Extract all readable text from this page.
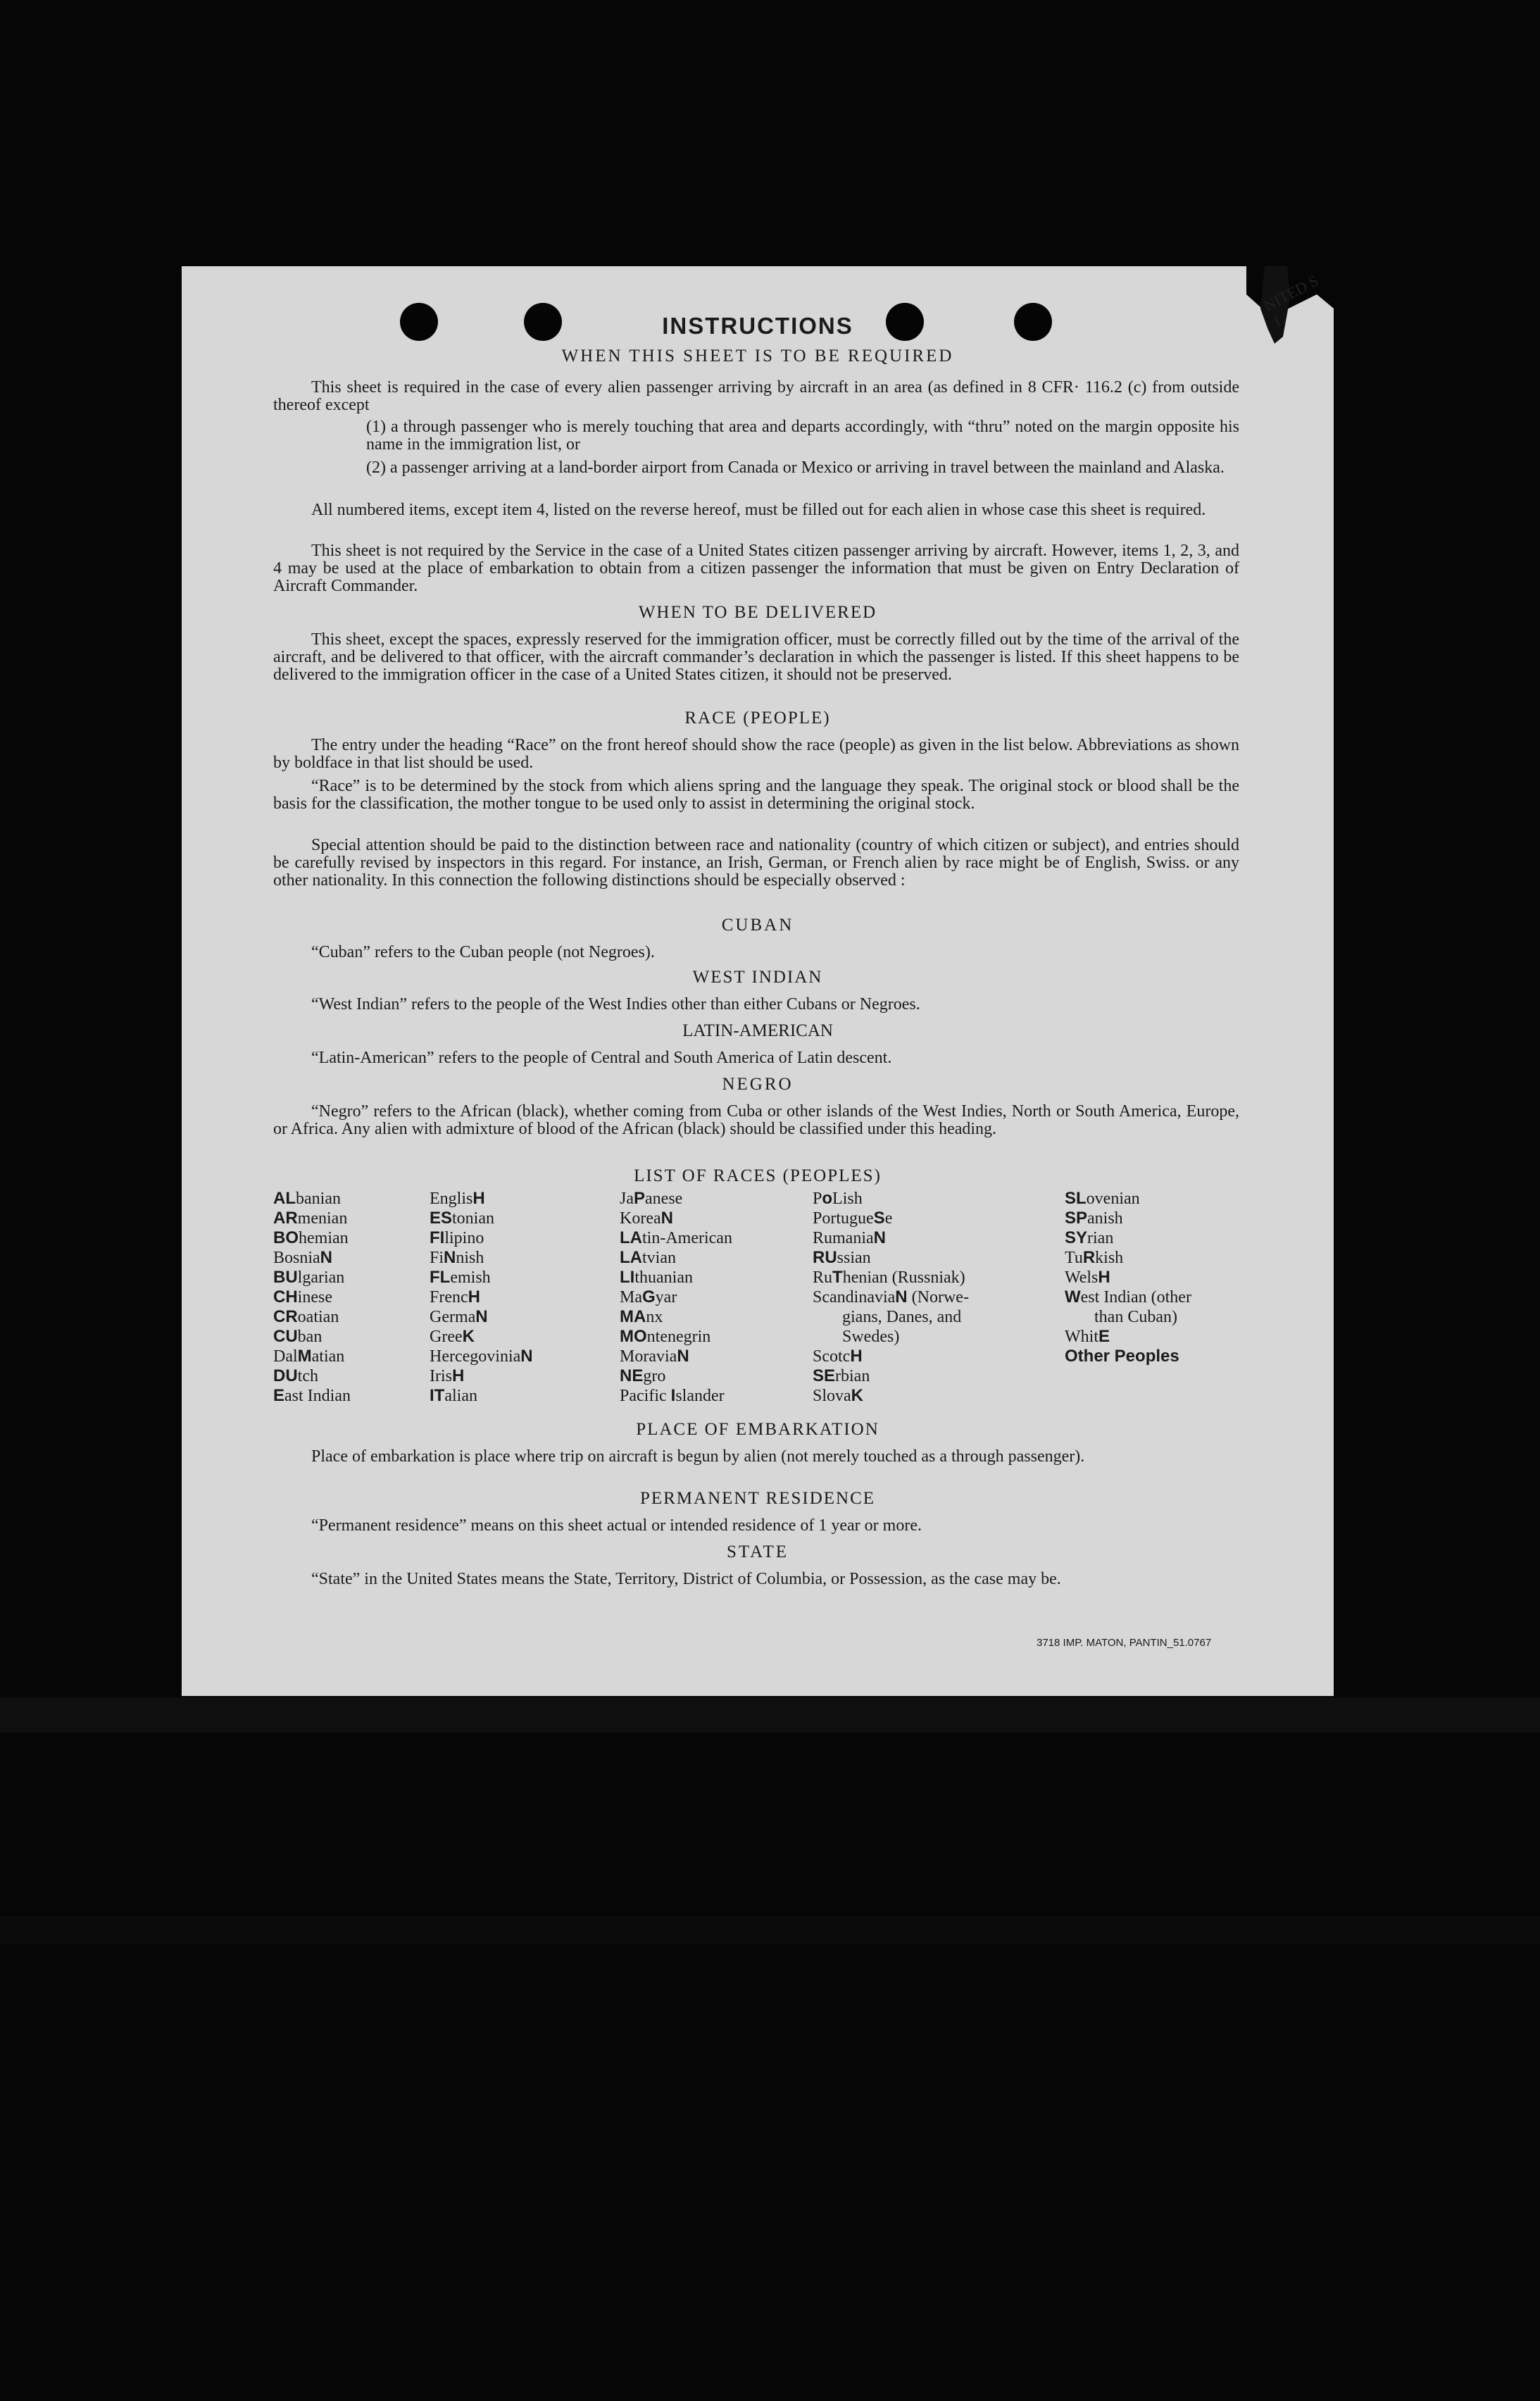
NITED S
1.
INSTRUCTIONS
WHEN THIS SHEET IS TO BE REQUIRED
This sheet is required in the case of every alien passenger arriving by aircraft in an area (as defined in 8 CFR· 116.2 (c) from outside thereof except
(1) a through passenger who is merely touching that area and departs accordingly, with “thru” noted on the margin opposite his name in the immigration list, or
(2) a passenger arriving at a land-border airport from Canada or Mexico or arriving in travel between the mainland and Alaska.
All numbered items, except item 4, listed on the reverse hereof, must be filled out for each alien in whose case this sheet is required.
This sheet is not required by the Service in the case of a United States citizen passenger arriving by aircraft. However, items 1, 2, 3, and 4 may be used at the place of embarkation to obtain from a citizen passenger the information that must be given on Entry Declaration of Aircraft Commander.
WHEN TO BE DELIVERED
This sheet, except the spaces, expressly reserved for the immigration officer, must be correctly filled out by the time of the arrival of the aircraft, and be delivered to that officer, with the aircraft commander’s declaration in which the passenger is listed. If this sheet happens to be delivered to the immigration officer in the case of a United States citizen, it should not be preserved.
RACE (PEOPLE)
The entry under the heading “Race” on the front hereof should show the race (people) as given in the list below. Abbreviations as shown by boldface in that list should be used.
“Race” is to be determined by the stock from which aliens spring and the language they speak. The original stock or blood shall be the basis for the classification, the mother tongue to be used only to assist in determining the original stock.
Special attention should be paid to the distinction between race and nationality (country of which citizen or subject), and entries should be carefully revised by inspectors in this regard. For instance, an Irish, German, or French alien by race might be of English, Swiss. or any other nationality. In this connection the following distinctions should be especially observed :
CUBAN
“Cuban” refers to the Cuban people (not Negroes).
WEST INDIAN
“West Indian” refers to the people of the West Indies other than either Cubans or Negroes.
LATIN-AMERICAN
“Latin-American” refers to the people of Central and South America of Latin descent.
NEGRO
“Negro” refers to the African (black), whether coming from Cuba or other islands of the West Indies, North or South America, Europe, or Africa. Any alien with admixture of blood of the African (black) should be classified under this heading.
LIST OF RACES (PEOPLES)
ALbanian
ARmenian
BOhemian
BosniaN
BUlgarian
CHinese
CRoatian
CUban
DalMatian
DUtch
East Indian
EnglisH
EStonian
FIlipino
FiNnish
FLemish
FrencH
GermaN
GreeK
HercegoviniaN
IrisH
ITalian
JaPanese
KoreaN
LAtin-American
LAtvian
LIthuanian
MaGyar
MAnx
MOntenegrin
MoraviaN
NEgro
Pacific Islander
PoLish
PortugueSe
RumaniaN
RUssian
RuThenian (Russniak)
ScandinaviaN (Norwe-
gians, Danes, and
Swedes)
ScotcH
SErbian
SlovaK
SLovenian
SPanish
SYrian
TuRkish
WelsH
West Indian (other
than Cuban)
WhitE
Other Peoples
PLACE OF EMBARKATION
Place of embarkation is place where trip on aircraft is begun by alien (not merely touched as a through passenger).
PERMANENT RESIDENCE
“Permanent residence” means on this sheet actual or intended residence of 1 year or more.
STATE
“State” in the United States means the State, Territory, District of Columbia, or Possession, as the case may be.
3718 IMP. MATON, PANTIN_51.0767
